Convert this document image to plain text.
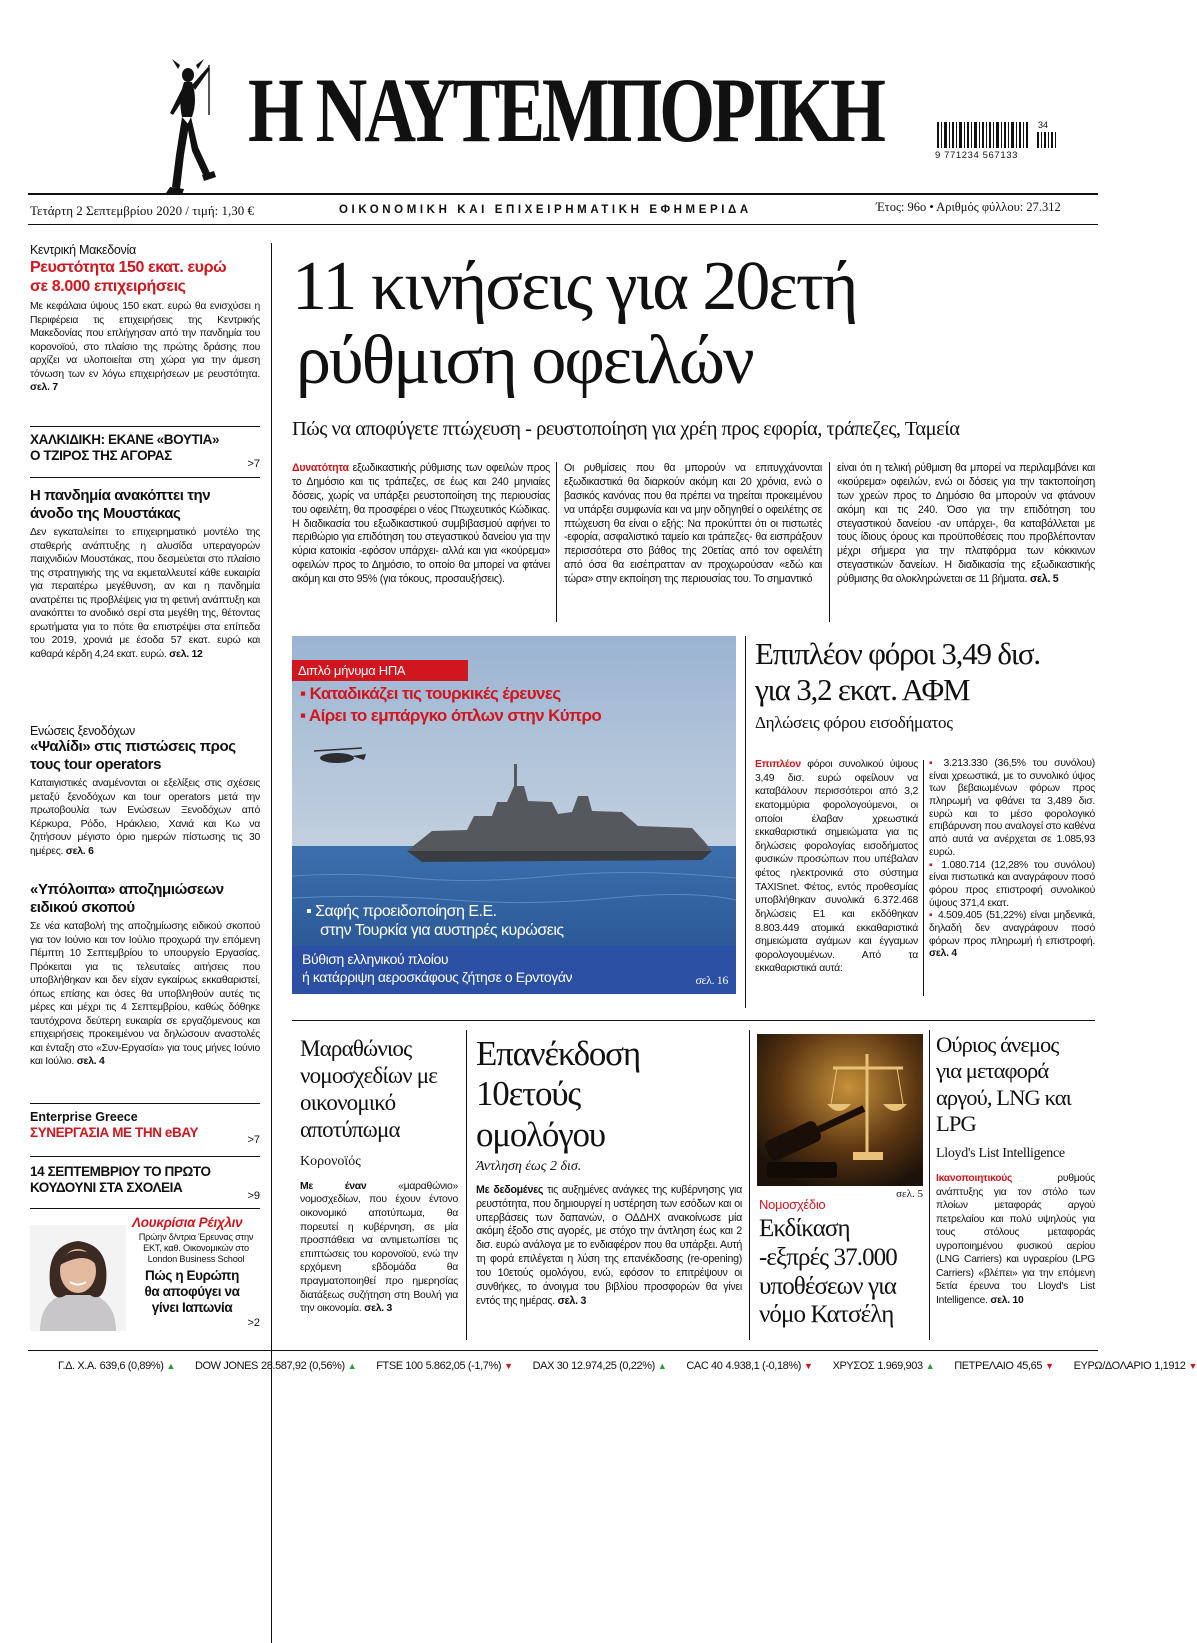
Η ΝΑΥΤΕΜΠΟΡΙΚΗ	34
9 771234 567133
Τετάρτη 2 Σεπτεμβρίου 2020 / τιμή: 1,30 €	ΟΙΚΟΝΟΜΙΚΗ ΚΑΙ ΕΠΙΧΕΙΡΗΜΑΤΙΚΗ ΕΦΗΜΕΡΙΔΑ	Έτος: 96ο • Αριθμός φύλλου: 27.312
Κεντρική Μακεδονία
Ρευστότητα 150 εκατ. ευρώ σε 8.000 επιχειρήσεις

Με κεφάλαια ύψους 150 εκατ. ευρώ θα ενισχύσει η Περιφέρεια τις επιχειρήσεις της Κεντρικής Μακεδονίας που επλήγησαν από την πανδημία του κορονοϊού, στο πλαίσιο της πρώτης δράσης που αρχίζει να υλοποιείται στη χώρα για την άμεση τόνωση των εν λόγω επιχειρήσεων με ρευστότητα. σελ. 7

ΧΑΛΚΙΔΙΚΗ: ΕΚΑΝΕ «ΒΟΥΤΙΑ» Ο ΤΖΙΡΟΣ ΤΗΣ ΑΓΟΡΑΣ
>7
Η πανδημία ανακόπτει την άνοδο της Μουστάκας

Δεν εγκαταλείπει το επιχειρηματικό μοντέλο της σταθερής ανάπτυξης η αλυσίδα υπεραγορών παιχνιδιών Μουστάκας, που δεσμεύεται στο πλαίσιο της στρατηγικής της να εκμεταλλευτεί κάθε ευκαιρία για περαιτέρω μεγέθυνση, αν και η πανδημία ανατρέπει τις προβλέψεις για τη φετινή ανάπτυξη και ανακόπτει το ανοδικό σερί στα μεγέθη της, θέτοντας ερωτήματα για το πότε θα επιστρέψει στα επίπεδα του 2019, χρονιά με έσοδα 57 εκατ. ευρώ και καθαρά κέρδη 4,24 εκατ. ευρώ. σελ. 12

Ενώσεις ξενοδόχων
«Ψαλίδι» στις πιστώσεις προς τους tour operators

Καταιγιστικές αναμένονται οι εξελίξεις στις σχέσεις μεταξύ ξενοδόχων και tour operators μετά την πρωτοβουλία των Ενώσεων Ξενοδόχων από Κέρκυρα, Ρόδο, Ηράκλειο, Χανιά και Κω να ζητήσουν μέγιστο όριο ημερών πίστωσης τις 30 ημέρες. σελ. 6

«Υπόλοιπα» αποζημιώσεων ειδικού σκοπού

Σε νέα καταβολή της αποζημίωσης ειδικού σκοπού για τον Ιούνιο και τον Ιούλιο προχωρά την επόμενη Πέμπτη 10 Σεπτεμβρίου το υπουργείο Εργασίας. Πρόκειται για τις τελευταίες αιτήσεις που υποβλήθηκαν και δεν είχαν εγκαίρως εκκαθαριστεί, όπως επίσης και όσες θα υποβληθούν αυτές τις μέρες και μέχρι τις 4 Σεπτεμβρίου, καθώς δόθηκε ταυτόχρονα δεύτερη ευκαιρία σε εργαζόμενους και επιχειρήσεις προκειμένου να δηλώσουν αναστολές και ένταξη στο «Συν-Εργασία» για τους μήνες Ιούνιο και Ιούλιο. σελ. 4

Enterprise Greece
ΣΥΝΕΡΓΑΣΙΑ ΜΕ ΤΗΝ eBAY	>7
14 ΣΕΠΤΕΜΒΡΙΟΥ ΤΟ ΠΡΩΤΟ ΚΟΥΔΟΥΝΙ ΣΤΑ ΣΧΟΛΕΙΑ
>9
Λουκρίσια Ρέιχλιν
Πρώην δ/ντρια Έρευνας στην ΕΚΤ, καθ. Οικονομικών στο London Business School
Πώς η Ευρώπη θα αποφύγει να γίνει Ιαπωνία
>2
11 κινήσεις για 20ετή
ρύθμιση οφειλών
Πώς να αποφύγετε πτώχευση - ρευστοποίηση για χρέη προς εφορία, τράπεζες, Ταμεία

Δυνατότητα εξωδικαστικής ρύθμισης των οφειλών προς το Δημόσιο και τις τράπεζες, σε έως και 240 μηνιαίες δόσεις, χωρίς να υπάρξει ρευστοποίηση της περιουσίας του οφειλέτη, θα προσφέρει ο νέος Πτωχευτικός Κώδικας. Η διαδικασία του εξωδικαστικού συμβιβασμού αφήνει το περιθώριο για επιδότηση του στεγαστικού δανείου για την κύρια κατοικία -εφόσον υπάρχει- αλλά και για «κούρεμα» οφειλών προς το Δημόσιο, το οποίο θα μπορεί να φτάνει ακόμη και στο 95% (για τόκους, προσαυξήσεις).

Οι ρυθμίσεις που θα μπορούν να επιτυγχάνονται εξωδικαστικά θα διαρκούν ακόμη και 20 χρόνια, ενώ ο βασικός κανόνας που θα πρέπει να τηρείται προκειμένου να υπάρξει συμφωνία και να μην οδηγηθεί ο οφειλέτης σε πτώχευση θα είναι ο εξής: Να προκύπτει ότι οι πιστωτές -εφορία, ασφαλιστικό ταμείο και τράπεζες- θα εισπράξουν περισσότερα στο βάθος της 20ετίας από τον οφειλέτη από όσα θα εισέπρατταν αν προχωρούσαν «εδώ και τώρα» στην εκποίηση της περιουσίας του. Το σημαντικό

είναι ότι η τελική ρύθμιση θα μπορεί να περιλαμβάνει και «κούρεμα» οφειλών, ενώ οι δόσεις για την τακτοποίηση των χρεών προς το Δημόσιο θα μπορούν να φτάνουν ακόμη και τις 240. Όσο για την επιδότηση του στεγαστικού δανείου -αν υπάρχει-, θα καταβάλλεται με τους ίδιους όρους και προϋποθέσεις που προβλέπονταν μέχρι σήμερα για την πλατφόρμα των κόκκινων στεγαστικών δανείων. Η διαδικασία της εξωδικαστικής ρύθμισης θα ολοκληρώνεται σε 11 βήματα. σελ. 5

Διπλό μήνυμα ΗΠΑ
▪ Καταδικάζει τις τουρκικές έρευνες
▪ Αίρει το εμπάργκο όπλων στην Κύπρο
▪ Σαφής προειδοποίηση Ε.Ε.
στην Τουρκία για αυστηρές κυρώσεις
Βύθιση ελληνικού πλοίου
ή κατάρριψη αεροσκάφους ζήτησε ο Ερντογάν	σελ. 16
Επιπλέον φόροι 3,49 δισ.
για 3,2 εκατ. ΑΦΜ
Δηλώσεις φόρου εισοδήματος

Επιπλέον φόροι συνολικού ύψους 3,49 δισ. ευρώ οφείλουν να καταβάλουν περισσότεροι από 3,2 εκατομμύρια φορολογούμενοι, οι οποίοι έλαβαν χρεωστικά εκκαθαριστικά σημειώματα για τις δηλώσεις φορολογίας εισοδήματος φυσικών προσώπων που υπέβαλαν φέτος ηλεκτρονικά στο σύστημα TAXISnet. Φέτος, εντός προθεσμίας υποβλήθηκαν συνολικά 6.372.468 δηλώσεις Ε1 και εκδόθηκαν 8.803.449 ατομικά εκκαθαριστικά σημειώματα αγάμων και έγγαμων φορολογουμένων. Από τα εκκαθαριστικά αυτά:

▪ 3.213.330 (36,5% του συνόλου) είναι χρεωστικά, με το συνολικό ύψος των βεβαιωμένων φόρων προς πληρωμή να φθάνει τα 3,489 δισ. ευρώ και το μέσο φορολογικό επιβάρυνση που αναλογεί στο καθένα από αυτά να ανέρχεται σε 1.085,93 ευρώ.

▪ 1.080.714 (12,28% του συνόλου) είναι πιστωτικά και αναγράφουν ποσό φόρου προς επιστροφή συνολικού ύψους 371,4 εκατ.

▪ 4.509.405 (51,22%) είναι μηδενικά, δηλαδή δεν αναγράφουν ποσό φόρων προς πληρωμή ή επιστροφή. σελ. 4

Μαραθώνιος νομοσχεδίων με οικονομικό αποτύπωμα
Κορονοϊός

Με έναν «μαραθώνιο» νομοσχεδίων, που έχουν έντονο οικονομικό αποτύπωμα, θα πορευτεί η κυβέρνηση, σε μία προσπάθεια να αντιμετωπίσει τις επιπτώσεις του κορονοϊού, ενώ την ερχόμενη εβδομάδα θα πραγματοποιηθεί προ ημερησίας διατάξεως συζήτηση στη Βουλή για την οικονομία. σελ. 3

Επανέκδοση 10ετούς ομολόγου
Άντληση έως 2 δισ.

Με δεδομένες τις αυξημένες ανάγκες της κυβέρνησης για ρευστότητα, που δημιουργεί η υστέρηση των εσόδων και οι υπερβάσεις των δαπανών, ο ΟΔΔΗΧ ανακοίνωσε μία ακόμη έξοδο στις αγορές, με στόχο την άντληση έως και 2 δισ. ευρώ ανάλογα με το ενδιαφέρον που θα υπάρξει. Αυτή τη φορά επιλέγεται η λύση της επανέκδοσης (re-opening) του 10ετούς ομολόγου, ενώ, εφόσον το επιτρέψουν οι συνθήκες, το άνοιγμα του βιβλίου προσφορών θα γίνει εντός της ημέρας. σελ. 3

σελ. 5
Νομοσχέδιο
Εκδίκαση -εξπρές 37.000 υποθέσεων για νόμο Κατσέλη
Ούριος άνεμος για μεταφορά αργού, LNG και LPG
Lloyd's List Intelligence

Ικανοποιητικούς ρυθμούς ανάπτυξης για τον στόλο των πλοίων μεταφοράς αργού πετρελαίου και πολύ υψηλούς για τους στόλους μεταφοράς υγροποιημένου φυσικού αερίου (LNG Carriers) και υγραερίου (LPG Carriers) «βλέπει» για την επόμενη 5ετία έρευνα του Lloyd's List Intelligence. σελ. 10

Γ.Δ. Χ.Α. 639,6 (0,89%) ▲ DOW JONES 28.587,92 (0,56%) ▲ FTSE 100 5.862,05 (-1,7%) ▼ DAX 30 12.974,25 (0,22%) ▲ CAC 40 4.938,1 (-0,18%) ▼ ΧΡΥΣΟΣ 1.969,903 ▲ ΠΕΤΡΕΛΑΙΟ 45,65 ▼ ΕΥΡΩ/ΔΟΛΑΡΙΟ 1,1912 ▼
